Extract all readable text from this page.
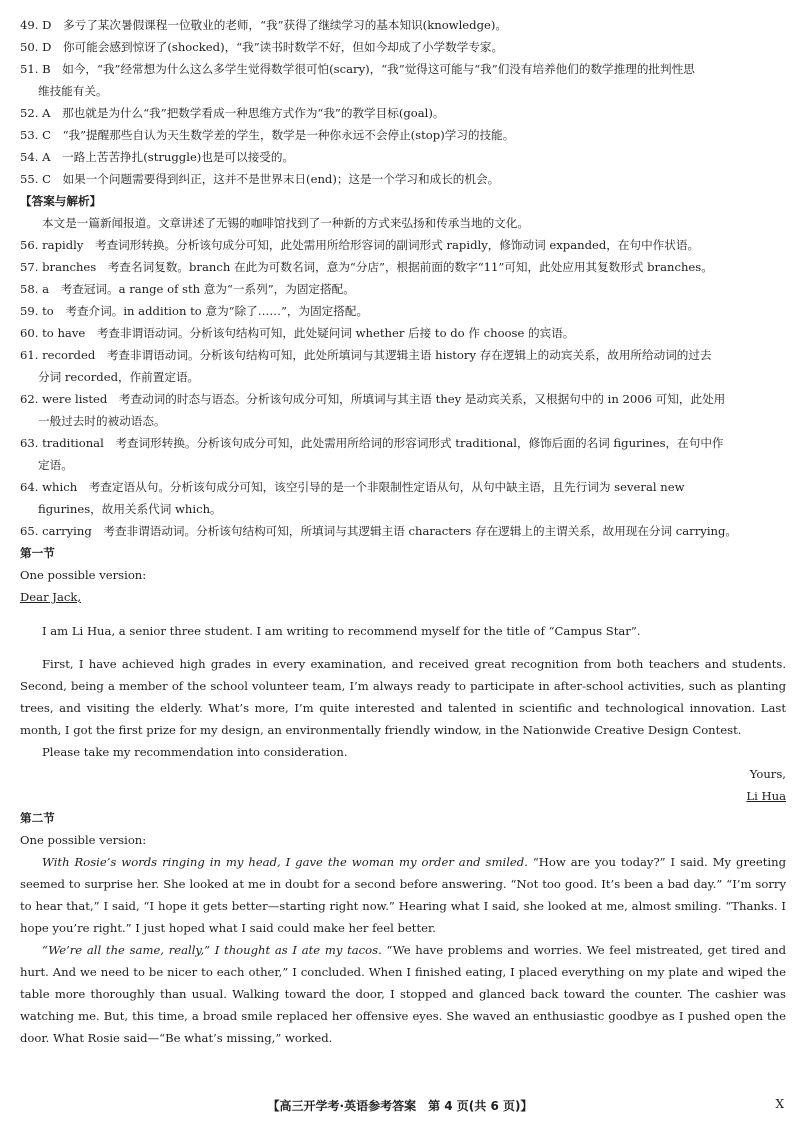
49. D　多亏了某次暑假课程一位敬业的老师，“我”获得了继续学习的基本知识(knowledge)。

50. D　你可能会感到惊讶了(shocked)，“我”读书时数学不好，但如今却成了小学数学专家。

51. B　如今，“我”经常想为什么这么多学生觉得数学很可怕(scary)，“我”觉得这可能与“我”们没有培养他们的数学推理的批判性思

维技能有关。

52. A　那也就是为什么“我”把数学看成一种思维方式作为“我”的教学目标(goal)。

53. C　“我”提醒那些自认为天生数学差的学生，数学是一种你永远不会停止(stop)学习的技能。

54. A　一路上苦苦挣扎(struggle)也是可以接受的。

55. C　如果一个问题需要得到纠正，这并不是世界末日(end)；这是一个学习和成长的机会。

【答案与解析】

本文是一篇新闻报道。文章讲述了无锡的咖啡馆找到了一种新的方式来弘扬和传承当地的文化。

56. rapidly　考查词形转换。分析该句成分可知，此处需用所给形容词的副词形式 rapidly，修饰动词 expanded，在句中作状语。

57. branches　考查名词复数。branch 在此为可数名词，意为“分店”，根据前面的数字“11”可知，此处应用其复数形式 branches。

58. a　考查冠词。a range of sth 意为“一系列”，为固定搭配。

59. to　考查介词。in addition to 意为“除了……”，为固定搭配。

60. to have　考查非谓语动词。分析该句结构可知，此处疑问词 whether 后接 to do 作 choose 的宾语。

61. recorded　考查非谓语动词。分析该句结构可知，此处所填词与其逻辑主语 history 存在逻辑上的动宾关系，故用所给动词的过去

分词 recorded，作前置定语。

62. were listed　考查动词的时态与语态。分析该句成分可知，所填词与其主语 they 是动宾关系，又根据句中的 in 2006 可知，此处用

一般过去时的被动语态。

63. traditional　考查词形转换。分析该句成分可知，此处需用所给词的形容词形式 traditional，修饰后面的名词 figurines，在句中作

定语。

64. which　考查定语从句。分析该句成分可知，该空引导的是一个非限制性定语从句，从句中缺主语，且先行词为 several new

figurines，故用关系代词 which。

65. carrying　考查非谓语动词。分析该句结构可知，所填词与其逻辑主语 characters 存在逻辑上的主谓关系，故用现在分词 carrying。

第一节

One possible version:

Dear Jack,

I am Li Hua, a senior three student. I am writing to recommend myself for the title of “Campus Star”.

First, I have achieved high grades in every examination, and received great recognition from both teachers and students. Second, being a member of the school volunteer team, I’m always ready to participate in after-school activities, such as planting trees, and visiting the elderly. What’s more, I’m quite interested and talented in scientific and technological innovation. Last month, I got the first prize for my design, an environmentally friendly window, in the Nationwide Creative Design Contest.

Please take my recommendation into consideration.

Yours,

Li Hua

第二节

One possible version:

With Rosie’s words ringing in my head, I gave the woman my order and smiled. “How are you today?” I said. My greeting seemed to surprise her. She looked at me in doubt for a second before answering. “Not too good. It’s been a bad day.” “I’m sorry to hear that,” I said, “I hope it gets better—starting right now.” Hearing what I said, she looked at me, almost smiling. “Thanks. I hope you’re right.” I just hoped what I said could make her feel better.

“We’re all the same, really,” I thought as I ate my tacos. “We have problems and worries. We feel mistreated, get tired and hurt. And we need to be nicer to each other,” I concluded. When I finished eating, I placed everything on my plate and wiped the table more thoroughly than usual. Walking toward the door, I stopped and glanced back toward the counter. The cashier was watching me. But, this time, a broad smile replaced her offensive eyes. She waved an enthusiastic goodbye as I pushed open the door. What Rosie said—“Be what’s missing,” worked.

【高三开学考·英语参考答案　第 4 页(共 6 页)】	X
